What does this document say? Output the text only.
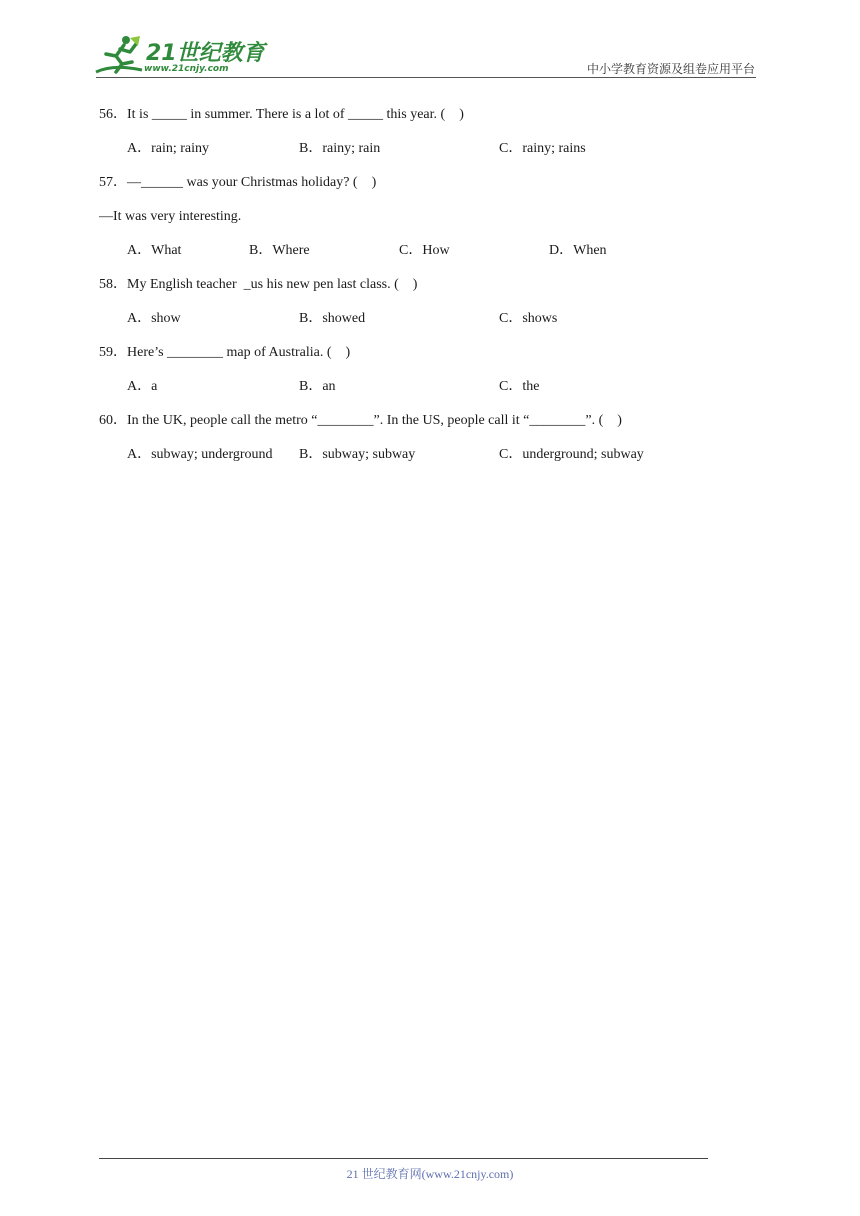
21世纪教育
www.21cnjy.com	中小学教育资源及组卷应用平台
56．It is _____ in summer. There is a lot of _____ this year. (    )
A．rain; rainy	B．rainy; rain	C．rainy; rains
57．—______ was your Christmas holiday? (    )
—It was very interesting.
A．What	B．Where	C．How	D．When
58．My English teacher  _us his new pen last class. (    )
A．show	B．showed	C．shows
59．Here’s ________ map of Australia. (    )
A．a	B．an	C．the
60．In the UK, people call the metro “________”. In the US, people call it “________”. (    )
A．subway; underground B．subway; subway	C．underground; subway
21 世纪教育网(www.21cnjy.com)
